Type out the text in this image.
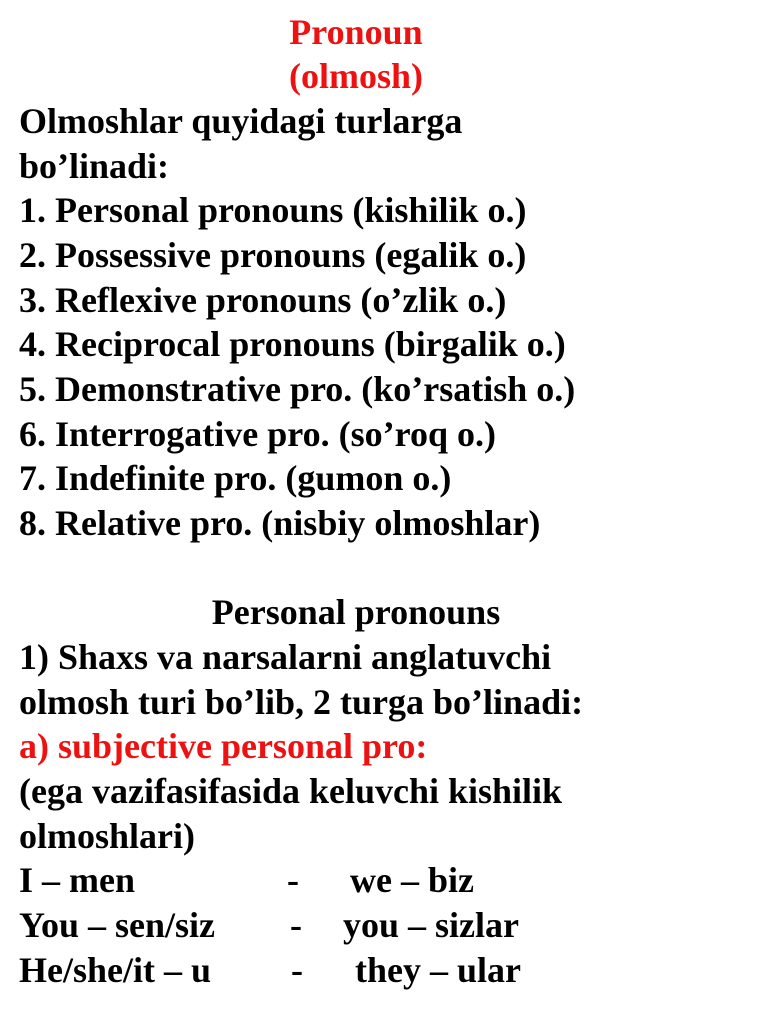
Pronoun
(olmosh)
Olmoshlar quyidagi turlarga
bo’linadi:
1. Personal pronouns (kishilik o.)
2. Possessive pronouns (egalik o.)
3. Reflexive pronouns (o’zlik o.)
4. Reciprocal pronouns (birgalik o.)
5. Demonstrative pro. (ko’rsatish o.)
6. Interrogative pro. (so’roq o.)
7. Indefinite pro. (gumon o.)
8. Relative pro. (nisbiy olmoshlar)
Personal pronouns
1) Shaxs va narsalarni anglatuvchi
olmosh turi bo’lib, 2 turga bo’linadi:
a) subjective personal pro:
(ega vazifasifasida keluvchi kishilik
olmoshlari)
I – men	- we – biz
You – sen/siz - you – sizlar
He/she/it – u - they – ular
